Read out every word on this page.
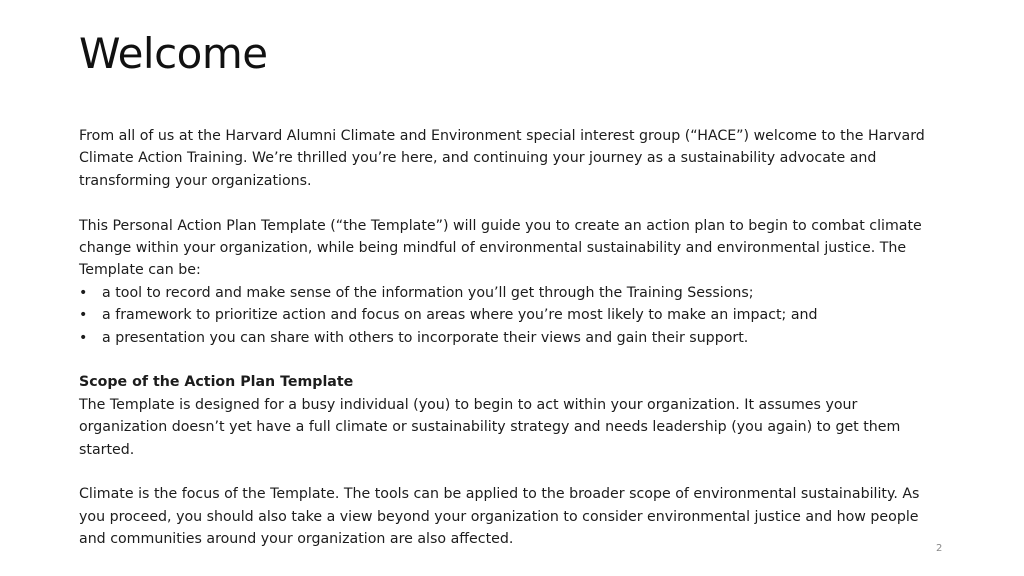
Welcome

From all of us at the Harvard Alumni Climate and Environment special interest group (“HACE”) welcome to the Harvard Climate Action Training. We’re thrilled you’re here, and continuing your journey as a sustainability advocate and transforming your organizations.

This Personal Action Plan Template (“the Template”) will guide you to create an action plan to begin to combat climate change within your organization, while being mindful of environmental sustainability and environmental justice. The Template can be:

• a tool to record and make sense of the information you’ll get through the Training Sessions;
• a framework to prioritize action and focus on areas where you’re most likely to make an impact; and
• a presentation you can share with others to incorporate their views and gain their support.

Scope of the Action Plan Template

The Template is designed for a busy individual (you) to begin to act within your organization. It assumes your organization doesn’t yet have a full climate or sustainability strategy and needs leadership (you again) to get them started.

Climate is the focus of the Template. The tools can be applied to the broader scope of environmental sustainability. As you proceed, you should also take a view beyond your organization to consider environmental justice and how people and communities around your organization are also affected.

2
